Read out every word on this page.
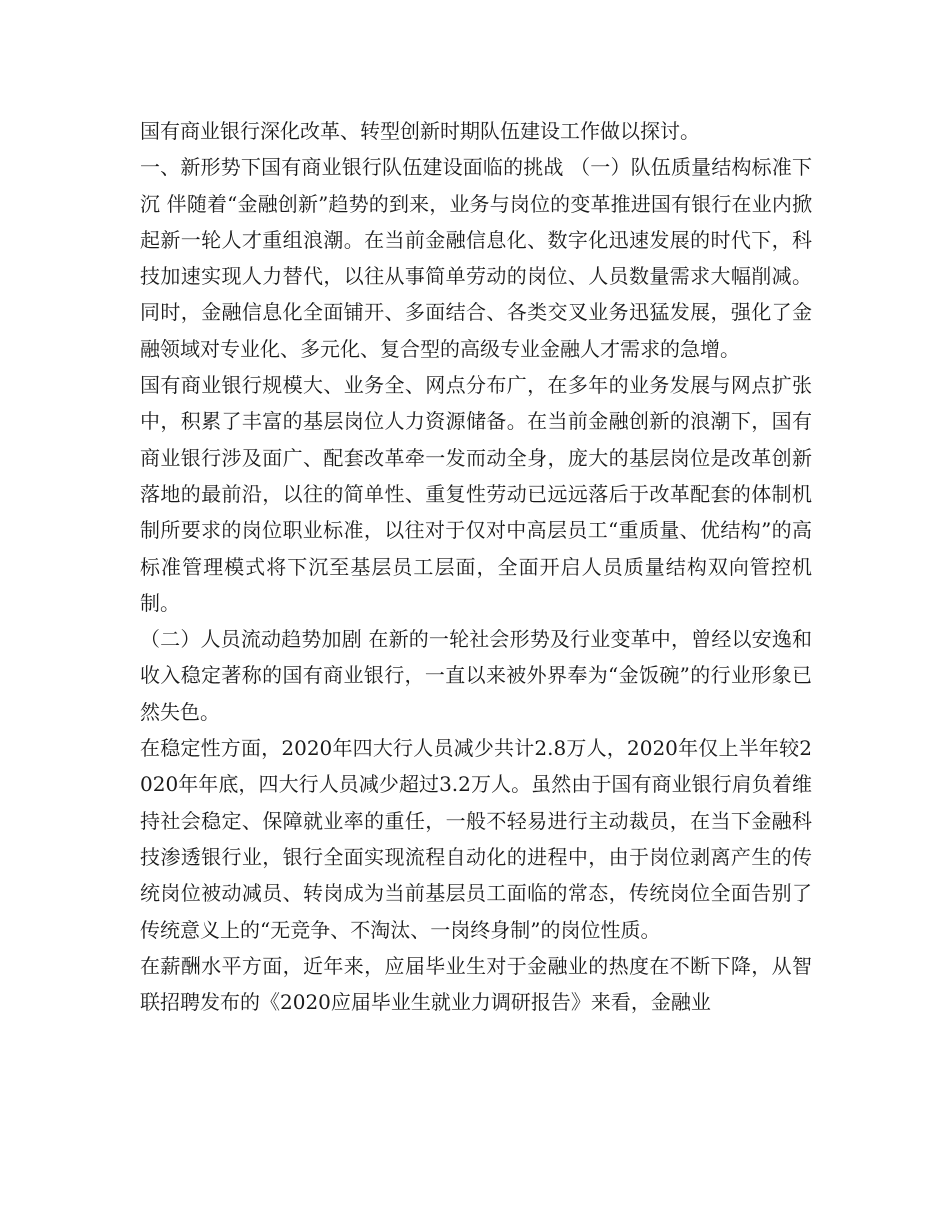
国有商业银行深化改革、转型创新时期队伍建设工作做以探讨。

一、新形势下国有商业银行队伍建设面临的挑战 （一）队伍质量结构标准下沉 伴随着“金融创新”趋势的到来，业务与岗位的变革推进国有银行在业内掀起新一轮人才重组浪潮。在当前金融信息化、数字化迅速发展的时代下，科技加速实现人力替代，以往从事简单劳动的岗位、人员数量需求大幅削减。同时，金融信息化全面铺开、多面结合、各类交叉业务迅猛发展，强化了金融领域对专业化、多元化、复合型的高级专业金融人才需求的急增。

国有商业银行规模大、业务全、网点分布广，在多年的业务发展与网点扩张中，积累了丰富的基层岗位人力资源储备。在当前金融创新的浪潮下，国有商业银行涉及面广、配套改革牵一发而动全身，庞大的基层岗位是改革创新落地的最前沿，以往的简单性、重复性劳动已远远落后于改革配套的体制机制所要求的岗位职业标准，以往对于仅对中高层员工“重质量、优结构”的高标准管理模式将下沉至基层员工层面，全面开启人员质量结构双向管控机制。

（二）人员流动趋势加剧 在新的一轮社会形势及行业变革中，曾经以安逸和收入稳定著称的国有商业银行，一直以来被外界奉为“金饭碗”的行业形象已然失色。

在稳定性方面，2020年四大行人员减少共计2.8万人，2020年仅上半年较2020年年底，四大行人员减少超过3.2万人。虽然由于国有商业银行肩负着维持社会稳定、保障就业率的重任，一般不轻易进行主动裁员，在当下金融科技渗透银行业，银行全面实现流程自动化的进程中，由于岗位剥离产生的传统岗位被动减员、转岗成为当前基层员工面临的常态，传统岗位全面告别了传统意义上的“无竞争、不淘汰、一岗终身制”的岗位性质。

在薪酬水平方面，近年来，应届毕业生对于金融业的热度在不断下降，从智联招聘发布的《2020应届毕业生就业力调研报告》来看，金融业
